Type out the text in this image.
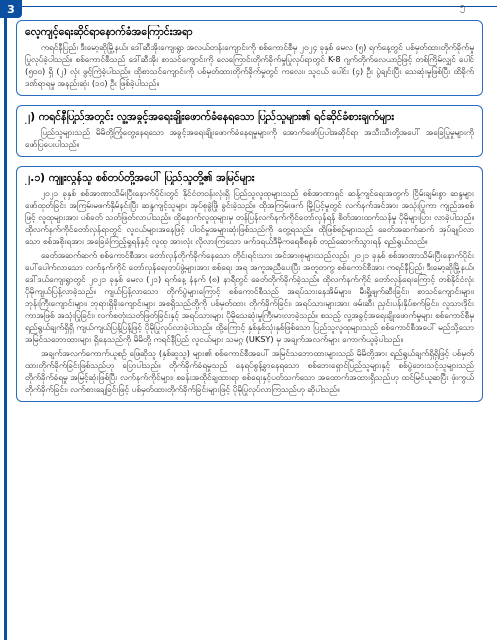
3	၅
လေ့ကျင့်ရေးဆိုင်ရာနောက်ခံအကြောင်းအရာ

ကရင်နီပြည်၊ ဒီးမော့ဆိုမြို့နယ်၊ ဒေါ်ဆီအိုးကျေးရွာ အလယ်တန်းကျောင်းကို စစ်ကောင်စီမှ ၂၀၂၄ ခုနှစ် မေလ (၅) ရက်နေ့တွင် ပစ်မှတ်ထားတိုက်ခိုက်မှုပြုလုပ်ခဲ့ပါသည်။ စစ်ကောင်စီသည် ဒေါ်ဆီအိုး စာသင်ကျောင်းကို လေကြောင်းတိုက်ခိုက်မှုပြုလုပ်ရာတွင် K-8 ဂျက်တိုက်လေယာဉ်ဖြင့် တစ်ကြိမ်လျှင် ပေါင် (၅၀၀) ရှိ (၂) လုံး ဖွင့်ကြဲခဲ့ပါသည်။ ထိုစာသင်ကျောင်းကို ပစ်မှတ်ထားတိုက်ခိုက်မှုတွင် ကလေး၊ သူငယ် ပေါင်း (၄) ဦး ပွဲချင်းပြီး သေဆုံးမှုဖြစ်ပြီး ထိခိုက်ဒဏ်ရာရမှု အနည်းဆုံး (၁၀) ဦး ဖြစ်ခဲ့ပါသည်။

၂) ကရင်နီပြည်အတွင်း လူ့အခွင့်အရေးချိုးဖောက်ခံနေရသော ပြည်သူများ၏ ရင်ဆိုင်ခံစားချက်များ

ပြည်သူများသည် မိမိတို့ကြုံတွေ့နေရသော အခွင့်အရေးချိုးဖောက်ခံနေရမှုများကို အောက်ဖော်ပြပါအဆိုင်ရာ အသီးသီးတို့အပေါ် အခြေပြုမှုများကို ဖော်ပြပေးပါသည်။

၂.၁) ကျူးလွန်သူ စစ်တပ်တို့အပေါ် ပြည်သူတို့၏ အမြင်များ

၂၀၂၁ ခုနှစ် စစ်အာဏာသိမ်းပြီးနောက်ပိုင်းတွင် နိုင်ငံတဝန်းလုံးရှိ ပြည်သူလူထုများသည် စစ်အာဏာရှင် ဆန့်ကျင်ရေးအတွက် ငြိမ်းချမ်းစွာ ဆန္ဒများဖော်ထုတ်ခြင်း အကြမ်းမဖက်နှိမ်နင်းပြီး ဆန္ဒကျင့်သူများ အုပ်စုခွဲဖြို ခွင်းခဲ့သည်။ ထိုအကြမ်းဖက် မြို့ပြင့်မှုတွင် လက်နက်အင်အား အသုံးပြုကာ ကျည်အစစ်ဖြင့် လူထုများအား ပစ်ခတ် သတ်ဖြတ်လာပါသည်။ ထိုနောက်လူထုများမှ တန်ပြန်လက်နက်ကိုင်တော်လှန်ရန် စိတ်အားထက်သန်မှု ပိုမိုများပြား လာခဲ့ပါသည်။ ထိုလက်နက်ကိုင်တော်လှန်ရာတွင် လူငယ်များအနေဖြင့် ပါဝင်မှုအများဆုံးဖြစ်သည်ကို တွေ့ရသည်။ ထိုဖြစ်စဉ်များသည် ခေတ်အဆက်ဆက် အုပ်ချုပ်လာသော စစ်အစိုးရအား အခြေခံကြည့်ရှုရန်နှင့် လူထု အားလုံး လိုလားကြသော ဖက်ဒရယ်ဒီမိုကရေစီစနစ် တည်ဆောက်သွားရန် ရည်ရွယ်သည်။

ခေတ်အဆက်ဆက် စစ်ကောင်စီအား တော်လှန်တိုက်ခိုက်နေသော တိုင်းရင်းသား အင်အားစုများသည်လည်း ၂၀၂၁ ခုနှစ် စစ်အာဏာသိမ်းပြီးနောက်ပိုင်း ပေါ်ပေါက်လာသော လက်နက်ကိုင် တော်လှန်ရေးတပ်ဖွဲ့များအား စစ်ရေး အရ အကူအညီပေးပြီး အတူတကွ စစ်ကောင်စီအား ကရင်နီပြည်၊ ဒီးမော့ဆိုမြို့နယ်၊ ဒေါ်ဒယ်ကျေးရွာတွင် ၂၀၂၁ ခုနှစ် မေလ (၂၁) ရက်နေ့ နံနက် (၈) နာရီတွင် ခေတ်တိုက်ခိုက်ခဲ့သည်။ ထိုလက်နက်ကိုင် တော်လှန်ရေးကြောင့် တစ်နိုင်ငံလုံး ပိုမိုကျယ်ပြန့်လာခဲ့သည်။ ကျယ်ပြန့်လာသော တိုက်ပွဲများကြောင့် စစ်ကောင်စီသည် အရပ်သားနေအိမ်များ၊ မီးရှို့ဖျက်ဆီးခြင်း၊ စာသင်ကျောင်းများ၊ ဘုန်းကြီးကျောင်းများ၊ ဘုရားရှိခိုးကျောင်းများ အစရှိသည်တို့ကို ပစ်မှတ်ထား တိုက်ခိုက်ခြင်း၊ အရပ်သားများအား ဖမ်းဆီး ညှင်းပန်းနှိပ်စက်ခြင်း၊ လူသားဒိုင်းကာအဖြစ် အသုံးပြုခြင်း၊ လက်စတုံးသတ်ဖြတ်ခြင်းနှင့် အရပ်သားများ ပိုမိုသေဆုံးမှုကြီးမားလာခဲ့သည်။ စသည့် လူ့အခွင့်အရေးချိုးဖောက်မှုများ စစ်ကောင်စီမှ ရည်ရွယ်ချက်ရှိရှိ ကျယ်ကျယ်ပြန့်ပြန့်ဖြင့် ပိုမိုပြုလုပ်လာခဲ့ပါသည်။ ထို့ကြောင့် နှစ်နှစ်သုံးနှစ်ဖြစ်သော ပြည်သူလူထုများသည် စစ်ကောင်စီအပေါ် မည်သို့သော အမြင်သဘောထားများ ရှိနေသည်ကို မိမိတို့ ကရင်နီပြည် လူငယ်များ သမဂ္ဂ (UKSY) မှ အချက်အလက်များ ကောက်ယူခဲ့ပါသည်။

အချက်အလက်ကောက်ယူစဉ် ဖြေဆိုသူ (နှစ်ဆူသူ) များ၏ စစ်ကောင်စီအပေါ် အမြင်သဘောထားများသည် မိမိတို့အား ရည်ရွယ်ချက်ရှိရှိဖြင့် ပစ်မှတ်ထားတိုက်ခိုက်ခြင်းဖြစ်သည်ဟု ပြောပါသည်။ တိုက်ခိုက်ခံရမှုသည် နေရပ်စွန့်ခွာနေရသော စစ်ဘေးရှောင်ပြည်သူများနှင့် စစ်ပွဲဘေးသင့်သူများသည် တိုက်ခိုက်ခံရမှု အမြင့်ဆုံးဖြစ်ပြီး လက်နက်ကိုင်များ၊ စခန်းအထိုင်ချထားရာ စစ်ရေးနှင့်ပတ်သက်သော အထောက်အထားရှိသည်ဟု ထင်မြင်ယူဆပြီး ဖုံးကွယ်တိုက်ခိုက်ခြင်း၊ လက်စားချေခြင်းဖြင့် ပစ်မှတ်ထားတိုက်ခိုက်ခြင်းများဖြင့် ပိုမိုပြုလုပ်လာကြသည်ဟု ဆိုပါသည်။
